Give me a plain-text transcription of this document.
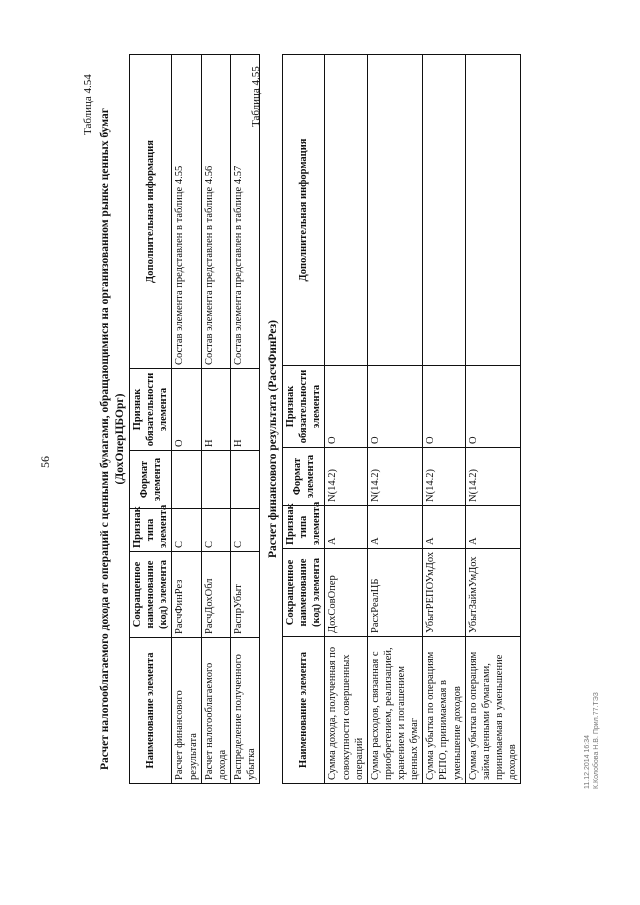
56
Таблица 4.54
Расчет налогооблагаемого дохода от операций с ценными бумагами, обращающимися на организованном рынке ценных бумаг (ДохОперЦБОрг)
Наименование элемента	Сокращенное наименование (код) элемента	Признак типа элемента	Формат элемента	Признак обязательности элемента	Дополнительная информация
Расчет финансового результата	РасчФинРез	С		О	Состав элемента представлен в таблице 4.55
Расчет налогооблагаемого дохода	РасчДохОбл	С		Н	Состав элемента представлен в таблице 4.56
Распределение полученного убытка	РаспрУбыт	С		Н	Состав элемента представлен в таблице 4.57
Таблица 4.55
Расчет финансового результата (РасчФинРез)
Наименование элемента	Сокращенное наименование (код) элемента	Признак типа элемента	Формат элемента	Признак обязательности элемента	Дополнительная информация
Сумма дохода, полученная по совокупности совершенных операций	ДохСовОпер	А	N(14.2)	О	
Сумма расходов, связанная с приобретением, реализацией, хранением и погашением ценных бумаг	РасхРеалЦБ	А	N(14.2)	О	
Сумма убытка по операциям РЕПО, принимаемая в уменьшение доходов	УбытРЕПОУмДох	А	N(14.2)	О	
Сумма убытка по операциям займа ценными бумагами, принимаемая в уменьшение доходов	УбытЗаймУмДох	А	N(14.2)	О	
11.12.2014 16:34 К.Колобова Н.В. Прил.77.ТЭЗ
